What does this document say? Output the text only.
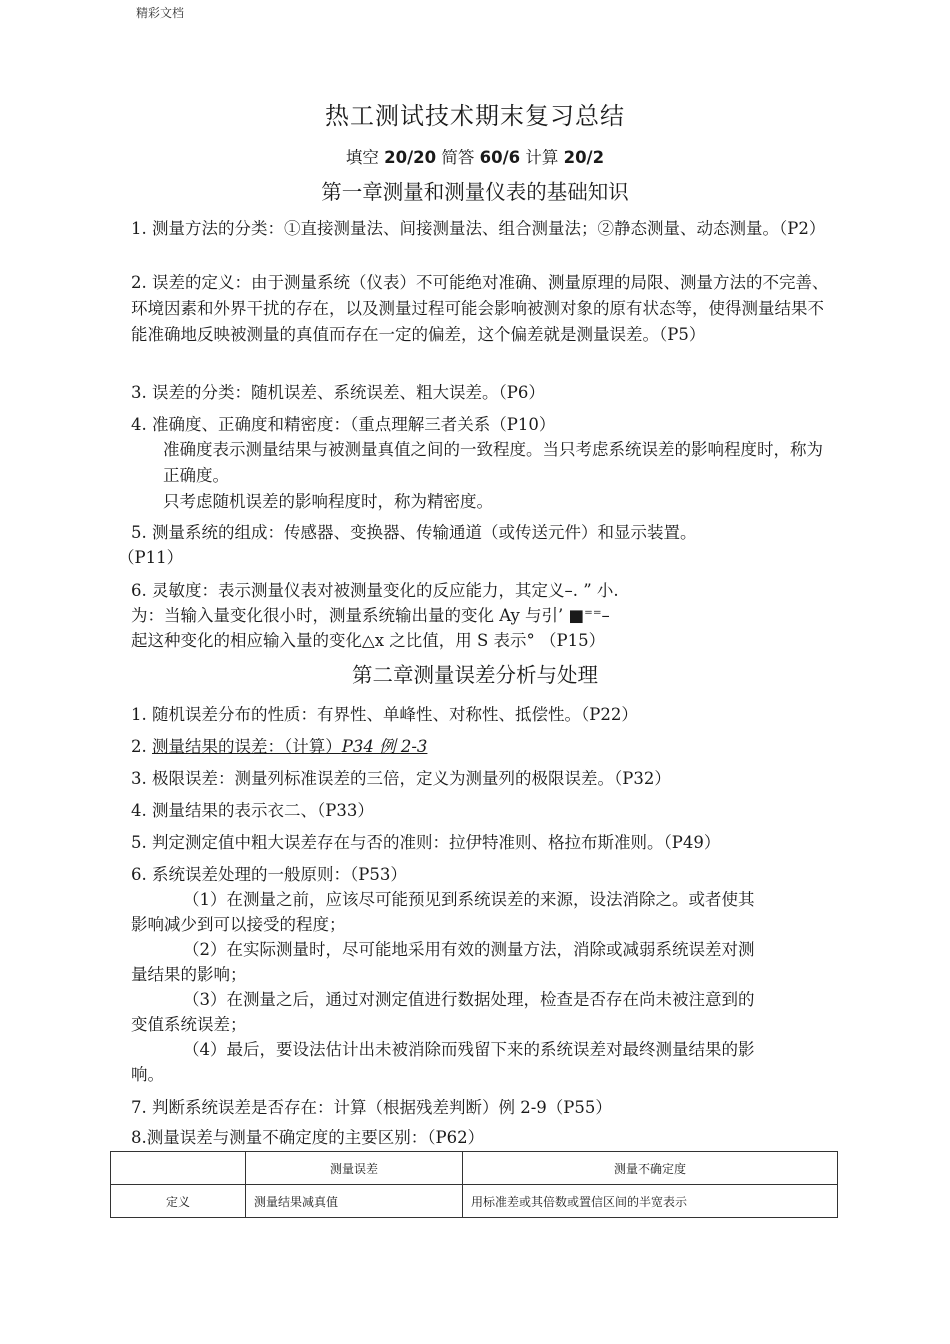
精彩文档
热工测试技术期末复习总结
填空 20/20 简答 60/6 计算 20/2
第一章测量和测量仪表的基础知识
1. 测量方法的分类：①直接测量法、间接测量法、组合测量法；②静态测量、动态测量。（P2）
2. 误差的定义：由于测量系统（仪表）不可能绝对准确、测量原理的局限、测量方法的不完善、环境因素和外界干扰的存在，以及测量过程可能会影响被测对象的原有状态等，使得测量结果不能准确地反映被测量的真值而存在一定的偏差，这个偏差就是测量误差。（P5）
3. 误差的分类：随机误差、系统误差、粗大误差。（P6）
4. 准确度、正确度和精密度：（重点理解三者关系（P10）
准确度表示测量结果与被测量真值之间的一致程度。当只考虑系统误差的影响程度时，称为正确度。
只考虑随机误差的影响程度时，称为精密度。
5. 测量系统的组成：传感器、变换器、传输通道（或传送元件）和显示装置。
（P11）
6. 灵敏度：表示测量仪表对被测量变化的反应能力，其定义–. ” 小.
为：当输入量变化很小时，测量系统输出量的变化 Ay 与引’ ■⁼⁼–
起这种变化的相应输入量的变化△x 之比值，用 S 表示° （P15）
第二章测量误差分析与处理
1. 随机误差分布的性质：有界性、单峰性、对称性、抵偿性。（P22）
2. 测量结果的误差：（计算）P34 例 2-3
3. 极限误差：测量列标准误差的三倍，定义为测量列的极限误差。（P32）
4. 测量结果的表示衣二、（P33）
5. 判定测定值中粗大误差存在与否的准则：拉伊特准则、格拉布斯准则。（P49）
6. 系统误差处理的一般原则：（P53）
（1）在测量之前，应该尽可能预见到系统误差的来源，设法消除之。或者使其
影响减少到可以接受的程度；
（2）在实际测量时，尽可能地采用有效的测量方法，消除或减弱系统误差对测
量结果的影响；
（3）在测量之后，通过对测定值进行数据处理，检查是否存在尚未被注意到的
变值系统误差；
（4）最后，要设法估计出未被消除而残留下来的系统误差对最终测量结果的影
响。
7. 判断系统误差是否存在：计算（根据残差判断）例 2-9（P55）
8.测量误差与测量不确定度的主要区别：（P62）
	测量误差	测量不确定度
定义	测量结果减真值	用标准差或其倍数或置信区间的半宽表示
